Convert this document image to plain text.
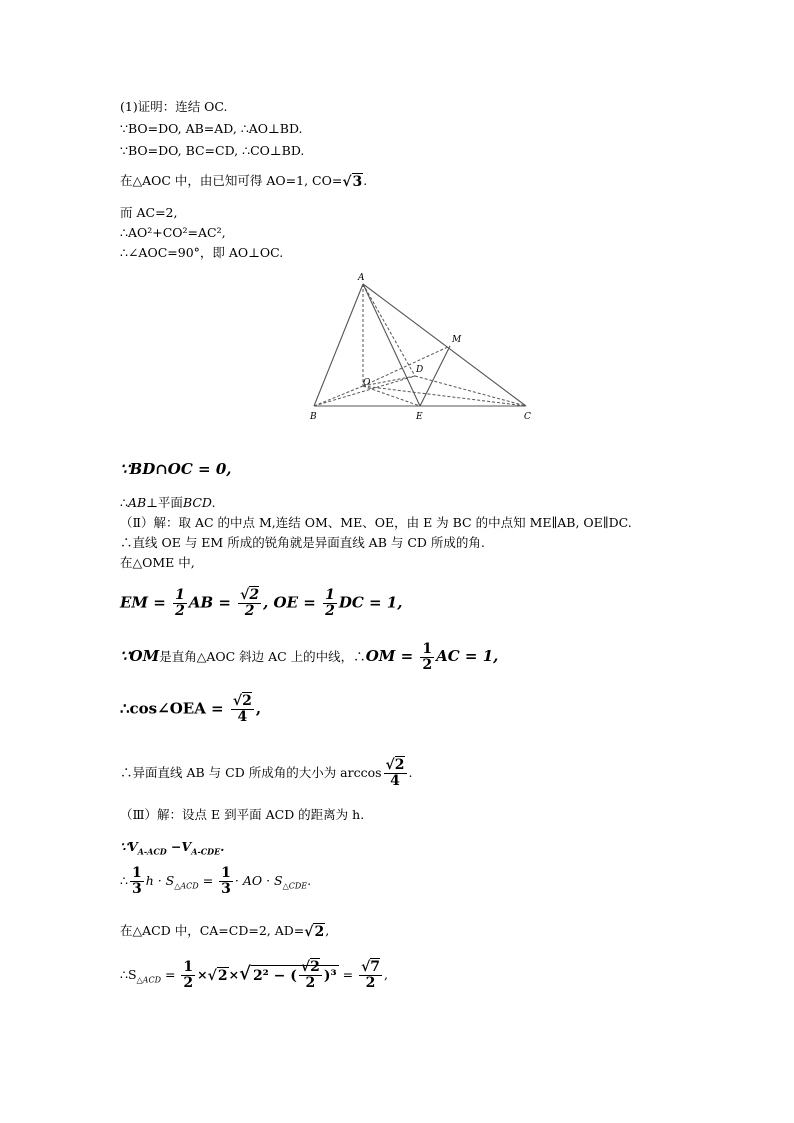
(1)证明：连结 OC.
∵BO=DO, AB=AD, ∴AO⊥BD.
∵BO=DO, BC=CD, ∴CO⊥BD.
在△AOC 中，由已知可得 AO=1, CO=√3.
而 AC=2,
∴AO²+CO²=AC²,
∴∠AOC=90°，即 AO⊥OC.
A
M
D
O
B	E	C
∵BD∩OC = 0,
∴AB⊥平面BCD.
（Ⅱ）解：取 AC 的中点 M,连结 OM、ME、OE，由 E 为 BC 的中点知 ME∥AB, OE∥DC.
∴直线 OE 与 EM 所成的锐角就是异面直线 AB 与 CD 所成的角.
在△OME 中,
EM = $\frac{1}{2}$ AB = $\frac{√2}{2}$ , OE = $\frac{1}{2}$ DC = 1,
∵OM是直角△AOC 斜边 AC 上的中线，∴OM = $\frac{1}{2}$ AC = 1,
∴cos∠OEA = $\frac{√2}{4}$ ,
∴异面直线 AB 与 CD 所成角的大小为 $\arccos \frac{√2}{4}$ .
（Ⅲ）解：设点 E 到平面 ACD 的距离为 h.
$\because V_{A-ACD} -V_{A-CDE}$.
∴ $\frac{1}{3}$ $h \cdot S_{\triangle ACD} = \frac{1}{3}$ · AO · $S_{\triangle CDE}$.
在△ACD 中，CA=CD=2, AD=√2,
$\therefore S_{\triangle ACD} = \frac{1}{2} \times√2\times√$ 2² − ( $\frac{√2}{2} )^3 = \frac{√7}{2}$ ,
